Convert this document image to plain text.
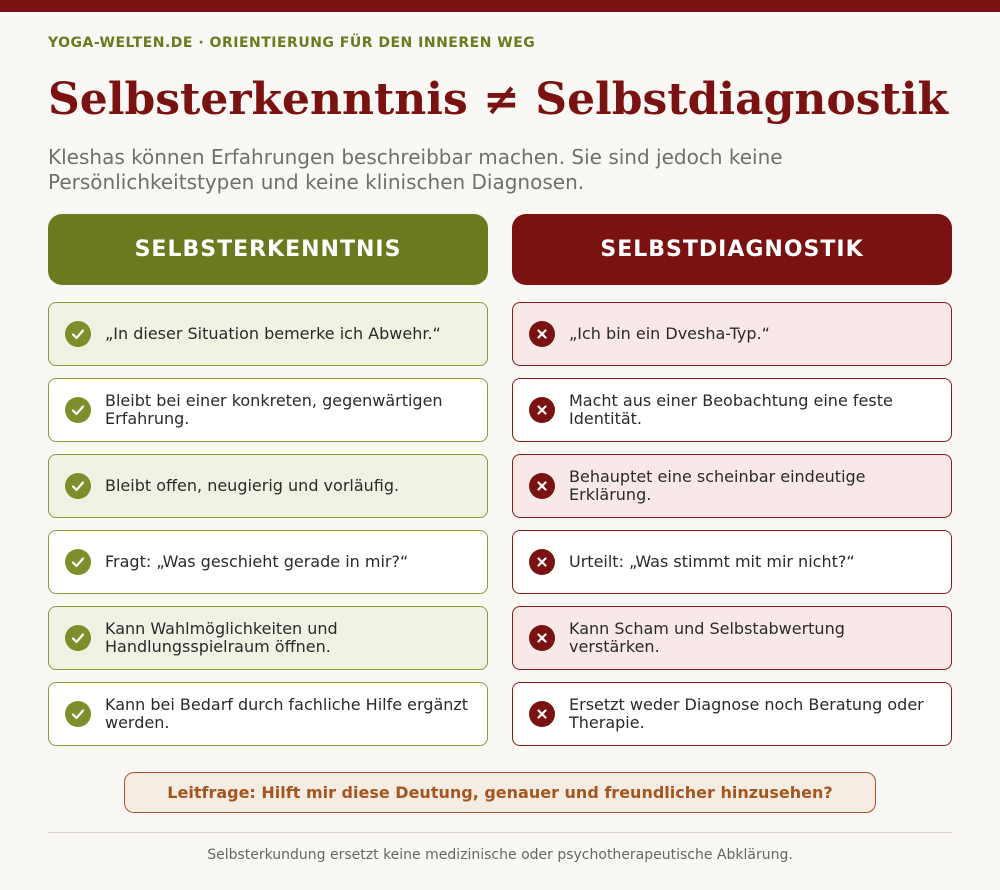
YOGA-WELTEN.DE · ORIENTIERUNG FÜR DEN INNEREN WEG
Selbsterkenntnis ≠ Selbstdiagnostik

Kleshas können Erfahrungen beschreibbar machen. Sie sind jedoch keine Persönlichkeitstypen und keine klinischen Diagnosen.

SELBSTERKENNTNIS
„In dieser Situation bemerke ich Abwehr.“
Bleibt bei einer konkreten, gegenwärtigen Erfahrung.
Bleibt offen, neugierig und vorläufig.
Fragt: „Was geschieht gerade in mir?“
Kann Wahlmöglichkeiten und Handlungsspielraum öffnen.
Kann bei Bedarf durch fachliche Hilfe ergänzt werden.
SELBSTDIAGNOSTIK
„Ich bin ein Dvesha-Typ.“
Macht aus einer Beobachtung eine feste Identität.
Behauptet eine scheinbar eindeutige Erklärung.
Urteilt: „Was stimmt mit mir nicht?“
Kann Scham und Selbstabwertung verstärken.
Ersetzt weder Diagnose noch Beratung oder Therapie.
Leitfrage: Hilft mir diese Deutung, genauer und freundlicher hinzusehen?
Selbsterkundung ersetzt keine medizinische oder psychotherapeutische Abklärung.
